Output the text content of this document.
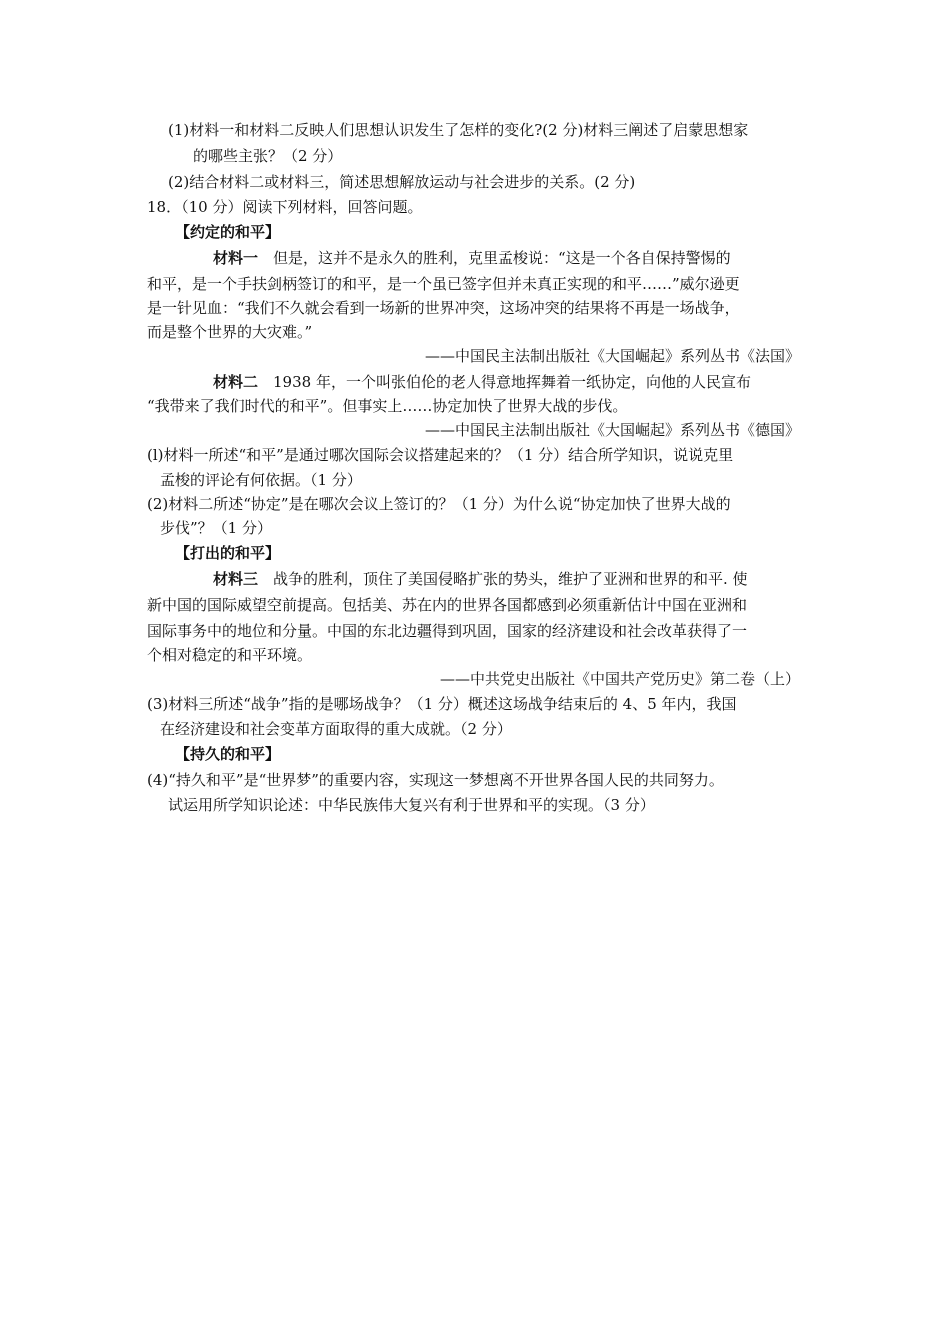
(1)材料一和材料二反映人们思想认识发生了怎样的变化?(2 分)材料三阐述了启蒙思想家
的哪些主张？（2 分）
(2)结合材料二或材料三，简述思想解放运动与社会进步的关系。(2 分)
18．（10 分）阅读下列材料，回答问题。
【约定的和平】
材料一　但是，这并不是永久的胜利，克里孟梭说：“这是一个各自保持警惕的
和平，是一个手扶剑柄签订的和平，是一个虽已签字但并未真正实现的和平……”威尔逊更
是一针见血：“我们不久就会看到一场新的世界冲突，这场冲突的结果将不再是一场战争，
而是整个世界的大灾难。”
——中国民主法制出版社《大国崛起》系列丛书《法国》
材料二　1938 年，一个叫张伯伦的老人得意地挥舞着一纸协定，向他的人民宣布
“我带来了我们时代的和平”。但事实上……协定加快了世界大战的步伐。
——中国民主法制出版社《大国崛起》系列丛书《德国》
(l)材料一所述“和平”是通过哪次国际会议搭建起来的？（1 分）结合所学知识，说说克里
孟梭的评论有何依据。（1 分）
(2)材料二所述“协定”是在哪次会议上签订的？（1 分）为什么说“协定加快了世界大战的
步伐”？（1 分）
【打出的和平】
材料三　战争的胜利，顶住了美国侵略扩张的势头，维护了亚洲和世界的和平. 使
新中国的国际威望空前提高。包括美、苏在内的世界各国都感到必须重新估计中国在亚洲和
国际事务中的地位和分量。中国的东北边疆得到巩固，国家的经济建设和社会改革获得了一
个相对稳定的和平环境。
——中共党史出版社《中国共产党历史》第二卷（上）
(3)材料三所述“战争”指的是哪场战争？（1 分）概述这场战争结束后的 4、5 年内，我国
在经济建设和社会变革方面取得的重大成就。（2 分）
【持久的和平】
(4)“持久和平”是“世界梦”的重要内容，实现这一梦想离不开世界各国人民的共同努力。
试运用所学知识论述：中华民族伟大复兴有利于世界和平的实现。（3 分）
